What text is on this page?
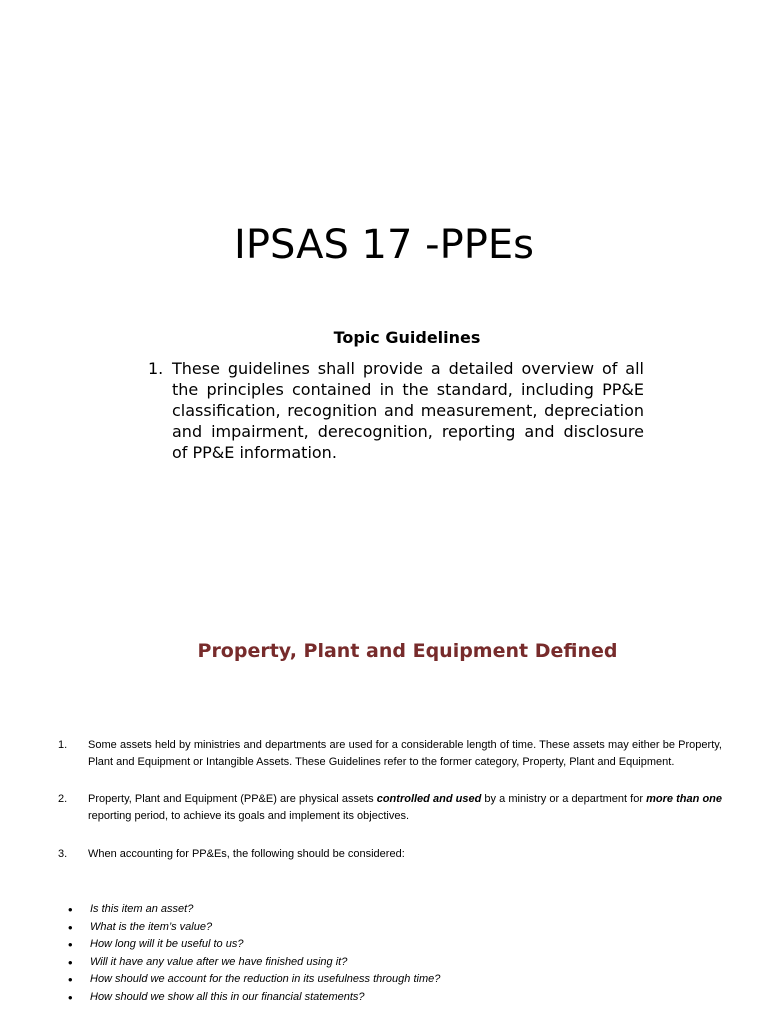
IPSAS 17 -PPEs
Topic Guidelines
1. These guidelines shall provide a detailed overview of all the principles contained in the standard, including PP&E classification, recognition and measurement, depreciation and impairment, derecognition, reporting and disclosure of PP&E information.
Property, Plant and Equipment Defined
1.	Some assets held by ministries and departments are used for a considerable length of time. These assets may either be Property, Plant and Equipment or Intangible Assets. These Guidelines refer to the former category, Property, Plant and Equipment.
2.	Property, Plant and Equipment (PP&E) are physical assets controlled and used by a ministry or a department for more than one reporting period, to achieve its goals and implement its objectives.
3.	When accounting for PP&Es, the following should be considered:
•	Is this item an asset?
•	What is the item’s value?
•	How long will it be useful to us?
•	Will it have any value after we have finished using it?
•	How should we account for the reduction in its usefulness through time?
•	How should we show all this in our financial statements?
